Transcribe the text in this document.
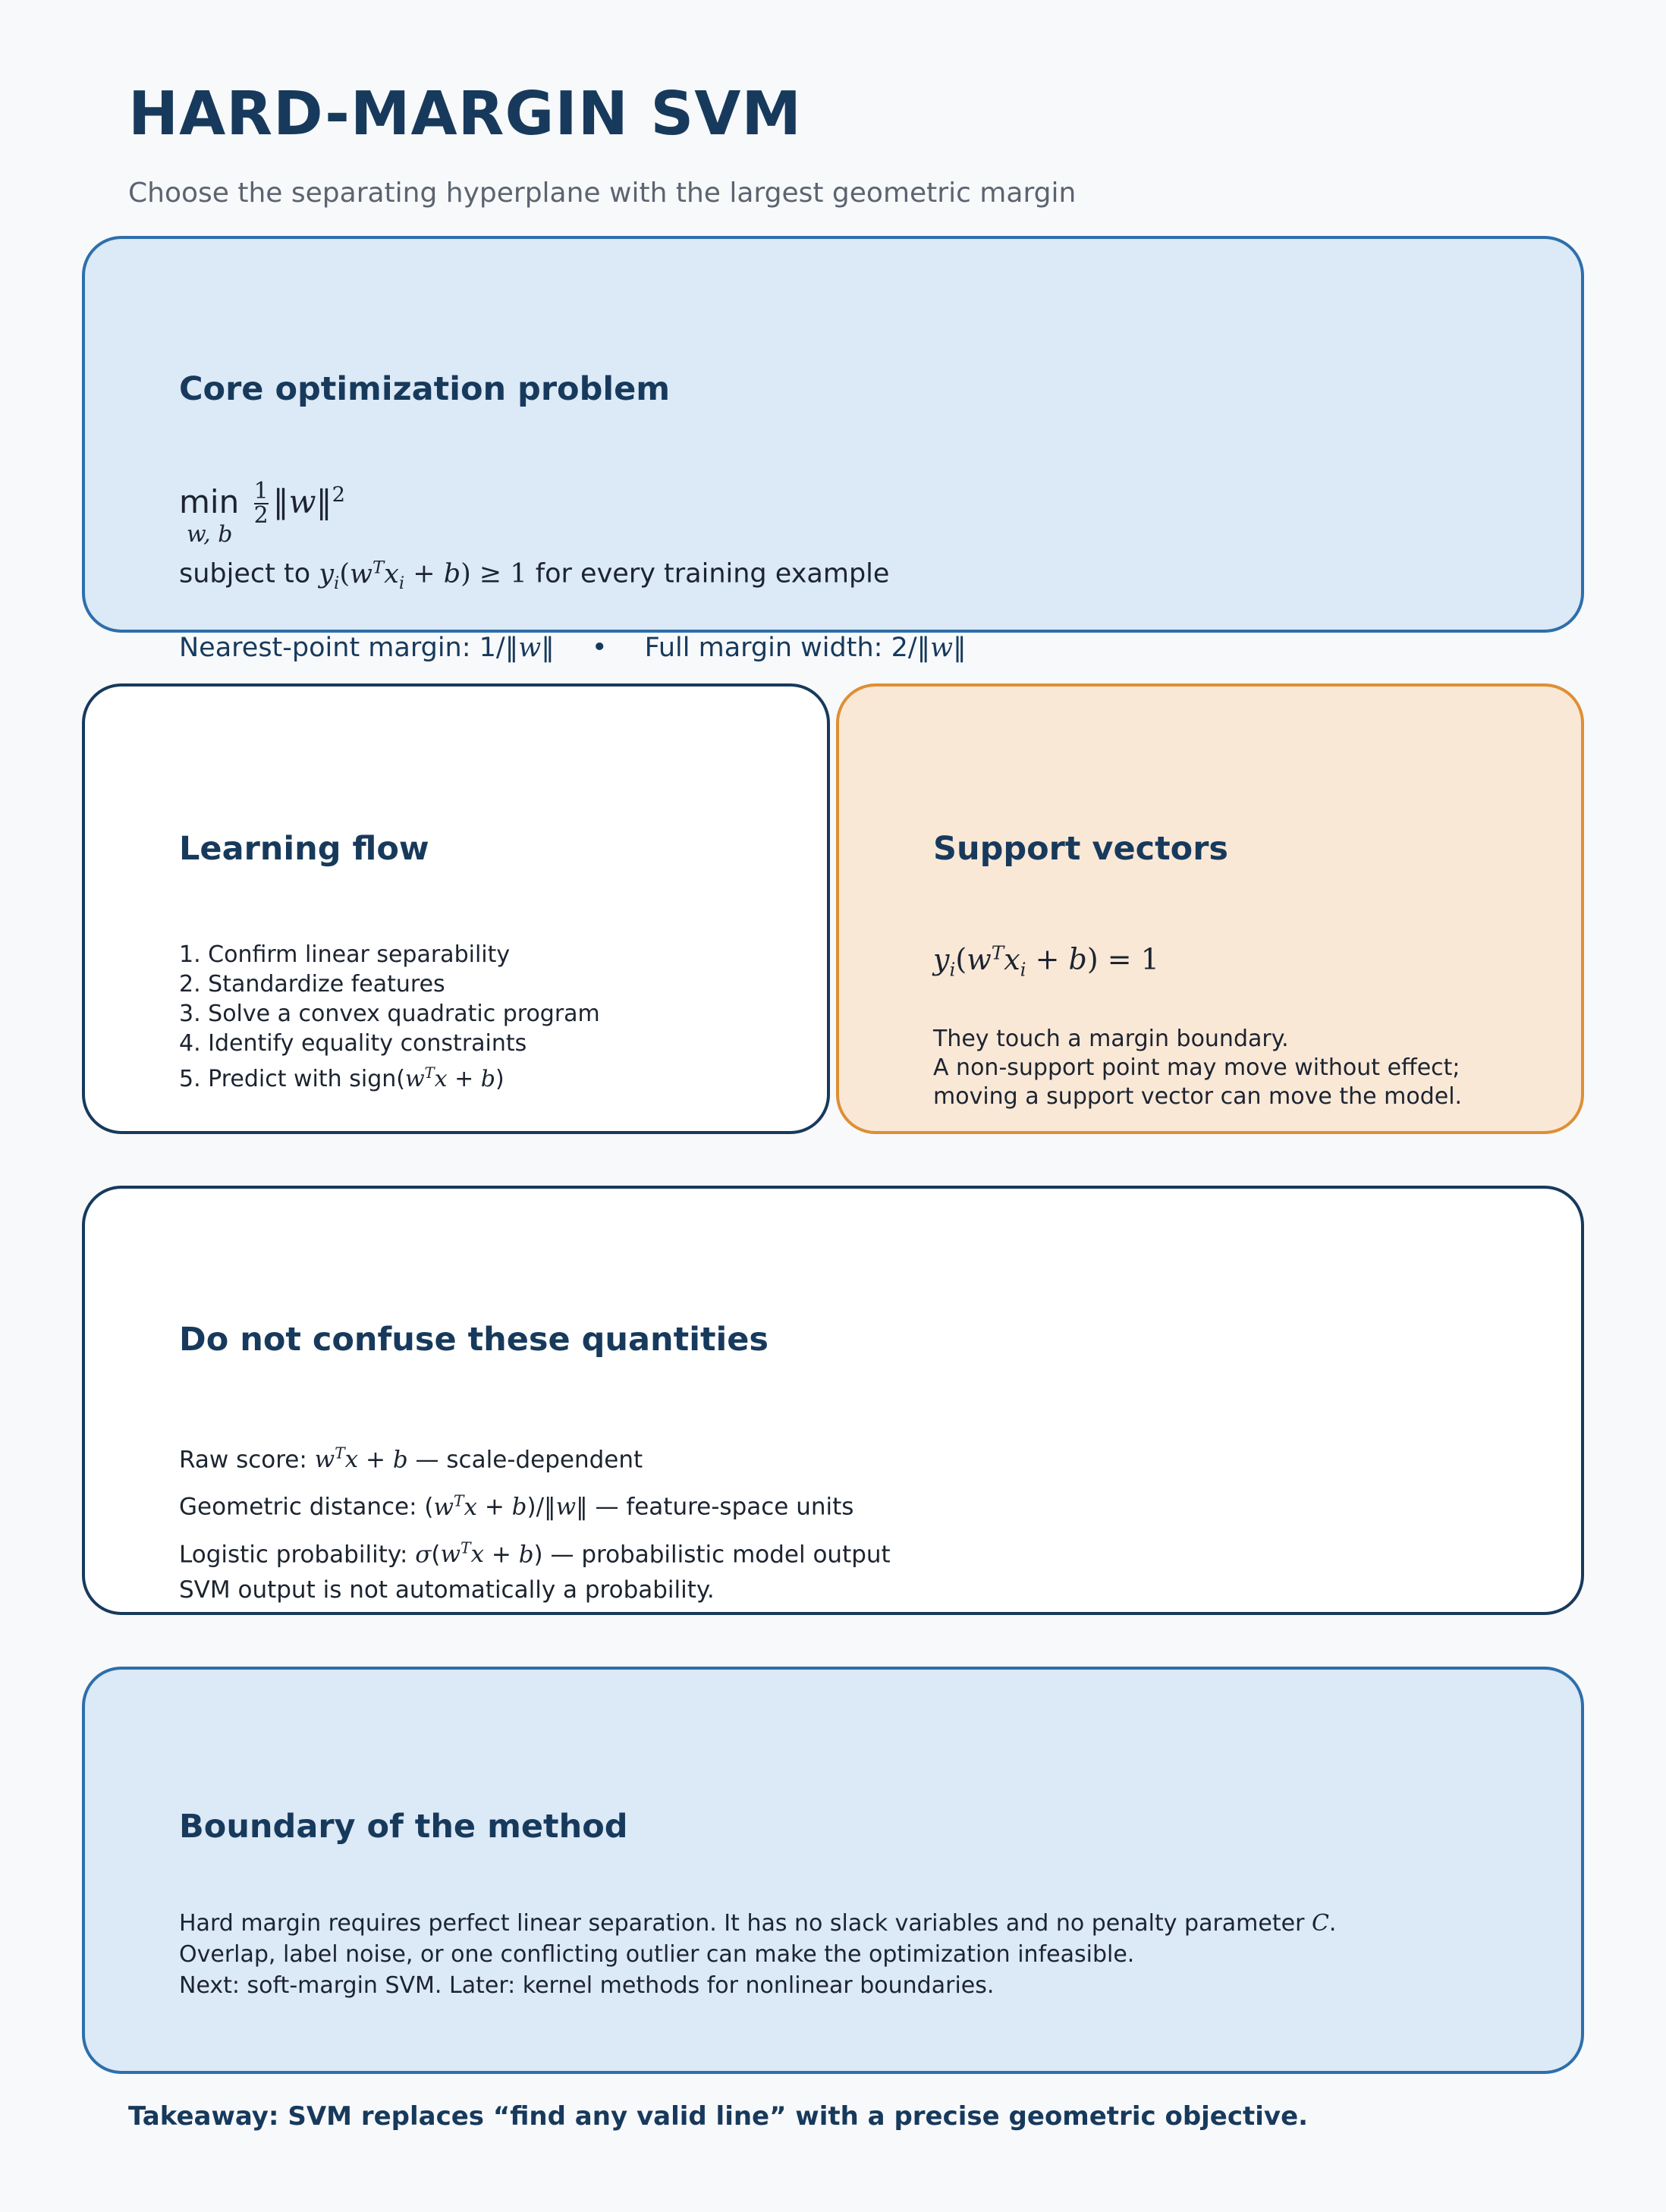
HARD-MARGIN SVM

Choose the separating hyperplane with the largest geometric margin

Core optimization problem
min
w, b

$\frac{1}{2}$ ‖w‖$^2$

subject to $y_i(w^Tx_i + b) \ge 1$ for every training example

Nearest-point margin: 1/‖w‖ • Full margin width: 2/‖w‖

Learning flow
1. Confirm linear separability
2. Standardize features
3. Solve a convex quadratic program
4. Identify equality constraints
5. Predict with $sign(w^Tx + b)$
Support vectors

$y_i(w^Tx_i + b) = 1$

They touch a margin boundary.
A non-support point may move without effect;
moving a support vector can move the model.
Do not confuse these quantities
Raw score: $w^Tx + b$ — scale-dependent
Geometric distance: ($w^Tx$ + b)/‖w‖ — feature-space units
Logistic probability: $\sigma(w^Tx + b)$ — probabilistic model output
SVM output is not automatically a probability.
Boundary of the method
Hard margin requires perfect linear separation. It has no slack variables and no penalty parameter C.
Overlap, label noise, or one conflicting outlier can make the optimization infeasible.
Next: soft-margin SVM. Later: kernel methods for nonlinear boundaries.

Takeaway: SVM replaces “find any valid line” with a precise geometric objective.
